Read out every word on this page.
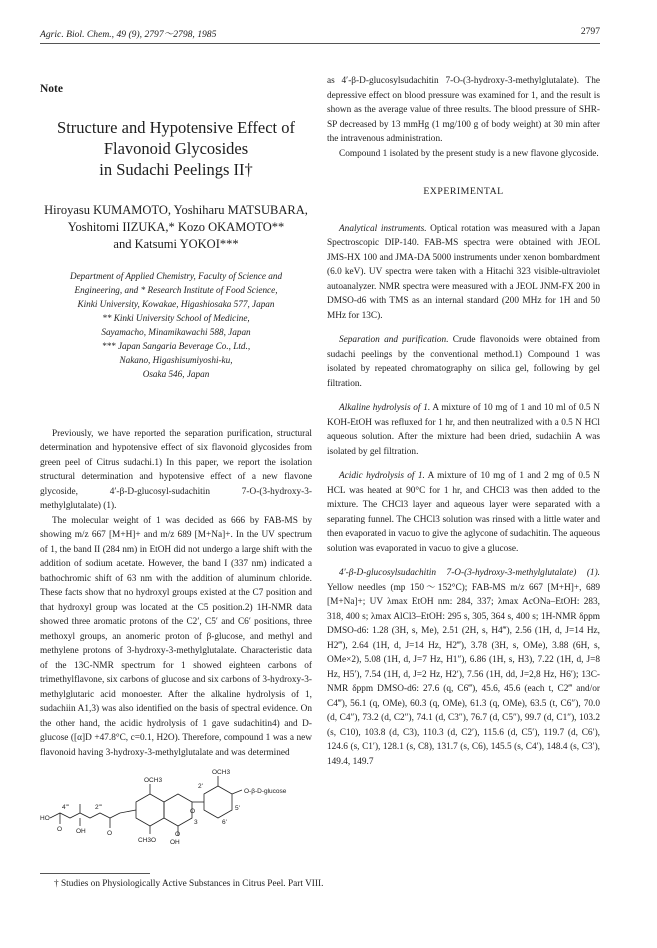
Agric. Biol. Chem., 49 (9), 2797～2798, 1985	2797
Note
Structure and Hypotensive Effect of
Flavonoid Glycosides
in Sudachi Peelings II†
Hiroyasu KUMAMOTO, Yoshiharu MATSUBARA,
Yoshitomi IIZUKA,* Kozo OKAMOTO**
and Katsumi YOKOI***
Department of Applied Chemistry, Faculty of Science and
Engineering, and * Research Institute of Food Science,
Kinki University, Kowakae, Higashiosaka 577, Japan
** Kinki University School of Medicine,
Sayamacho, Minamikawachi 588, Japan
*** Japan Sangaria Beverage Co., Ltd.,
Nakano, Higashisumiyoshi-ku,
Osaka 546, Japan

Previously, we have reported the separation purification, structural determination and hypotensive effect of six flavonoid glycosides from green peel of Citrus sudachi.1) In this paper, we report the isolation structural determination and hypotensive effect of a new flavone glycoside, 4′-β-D-glucosyl-sudachitin 7-O-(3-hydroxy-3-methylglutalate) (1).

The molecular weight of 1 was decided as 666 by FAB-MS by showing m/z 667 [M+H]+ and m/z 689 [M+Na]+. In the UV spectrum of 1, the band II (284 nm) in EtOH did not undergo a large shift with the addition of sodium acetate. However, the band I (337 nm) indicated a bathochromic shift of 63 nm with the addition of aluminum chloride. These facts show that no hydroxyl groups existed at the C7 position and that hydroxyl group was located at the C5 position.2) 1H-NMR data showed three aromatic protons of the C2′, C5′ and C6′ positions, three methoxyl groups, an anomeric proton of β-glucose, and methyl and methylene protons of 3-hydroxy-3-methylglutalate. Characteristic data of the 13C-NMR spectrum for 1 showed eighteen carbons of trimethylflavone, six carbons of glucose and six carbons of 3-hydroxy-3-methylglutaric acid monoester. After the alkaline hydrolysis of 1, sudachiin A1,3) was also identified on the basis of spectral evidence. On the other hand, the acidic hydrolysis of 1 gave sudachitin4) and D-glucose ([α]D +47.8°C, c=0.1, H2O). Therefore, compound 1 was a new flavonoid having 3-hydroxy-3-methylglutalate and was determined

OCH3
OCH3
CH3O
O-β-D-glucose
HO
OH
OH
O
O
O	O
4"'	2"'
2'
5'
6'
3

as 4′-β-D-glucosylsudachitin 7-O-(3-hydroxy-3-methylglutalate). The depressive effect on blood pressure was examined for 1, and the result is shown as the average value of three results. The blood pressure of SHR-SP decreased by 13 mmHg (1 mg/100 g of body weight) at 30 min after the intravenous administration.

Compound 1 isolated by the present study is a new flavone glycoside.

EXPERIMENTAL

Analytical instruments. Optical rotation was measured with a Japan Spectroscopic DIP-140. FAB-MS spectra were obtained with JEOL JMS-HX 100 and JMA-DA 5000 instruments under xenon bombardment (6.0 keV). UV spectra were taken with a Hitachi 323 visible-ultraviolet autoanalyzer. NMR spectra were measured with a JEOL JNM-FX 200 in DMSO-d6 with TMS as an internal standard (200 MHz for 1H and 50 MHz for 13C).

Separation and purification. Crude flavonoids were obtained from sudachi peelings by the conventional method.1) Compound 1 was isolated by repeated chromatography on silica gel, following by gel filtration.

Alkaline hydrolysis of 1. A mixture of 10 mg of 1 and 10 ml of 0.5 N KOH-EtOH was refluxed for 1 hr, and then neutralized with a 0.5 N HCl aqueous solution. After the mixture had been dried, sudachiin A was isolated by gel filtration.

Acidic hydrolysis of 1. A mixture of 10 mg of 1 and 2 mg of 0.5 N HCL was heated at 90°C for 1 hr, and CHCl3 was then added to the mixture. The CHCl3 layer and aqueous layer were separated with a separating funnel. The CHCl3 solution was rinsed with a little water and then evaporated in vacuo to give the aglycone of sudachitin. The aqueous solution was evaporated in vacuo to give a glucose.

4′-β-D-glucosylsudachitin 7-O-(3-hydroxy-3-methylglutalate) (1). Yellow needles (mp 150～152°C); FAB-MS m/z 667 [M+H]+, 689 [M+Na]+; UV λmax EtOH nm: 284, 337; λmax AcONa–EtOH: 283, 318, 400 s; λmax AlCl3–EtOH: 295 s, 305, 364 s, 400 s; 1H-NMR δppm DMSO-d6: 1.28 (3H, s, Me), 2.51 (2H, s, H4‴), 2.56 (1H, d, J=14 Hz, H2‴), 2.64 (1H, d, J=14 Hz, H2‴), 3.78 (3H, s, OMe), 3.88 (6H, s, OMe×2), 5.08 (1H, d, J=7 Hz, H1″), 6.86 (1H, s, H3), 7.22 (1H, d, J=8 Hz, H5′), 7.54 (1H, d, J=2 Hz, H2′), 7.56 (1H, dd, J=2,8 Hz, H6′); 13C-NMR δppm DMSO-d6: 27.6 (q, C6‴), 45.6, 45.6 (each t, C2‴ and/or C4‴), 56.1 (q, OMe), 60.3 (q, OMe), 61.3 (q, OMe), 63.5 (t, C6″), 70.0 (d, C4″), 73.2 (d, C2″), 74.1 (d, C3″), 76.7 (d, C5″), 99.7 (d, C1″), 103.2 (s, C10), 103.8 (d, C3), 110.3 (d, C2′), 115.6 (d, C5′), 119.7 (d, C6′), 124.6 (s, C1′), 128.1 (s, C8), 131.7 (s, C6), 145.5 (s, C4′), 148.4 (s, C3′), 149.4, 149.7

† Studies on Physiologically Active Substances in Citrus Peel. Part VIII.
